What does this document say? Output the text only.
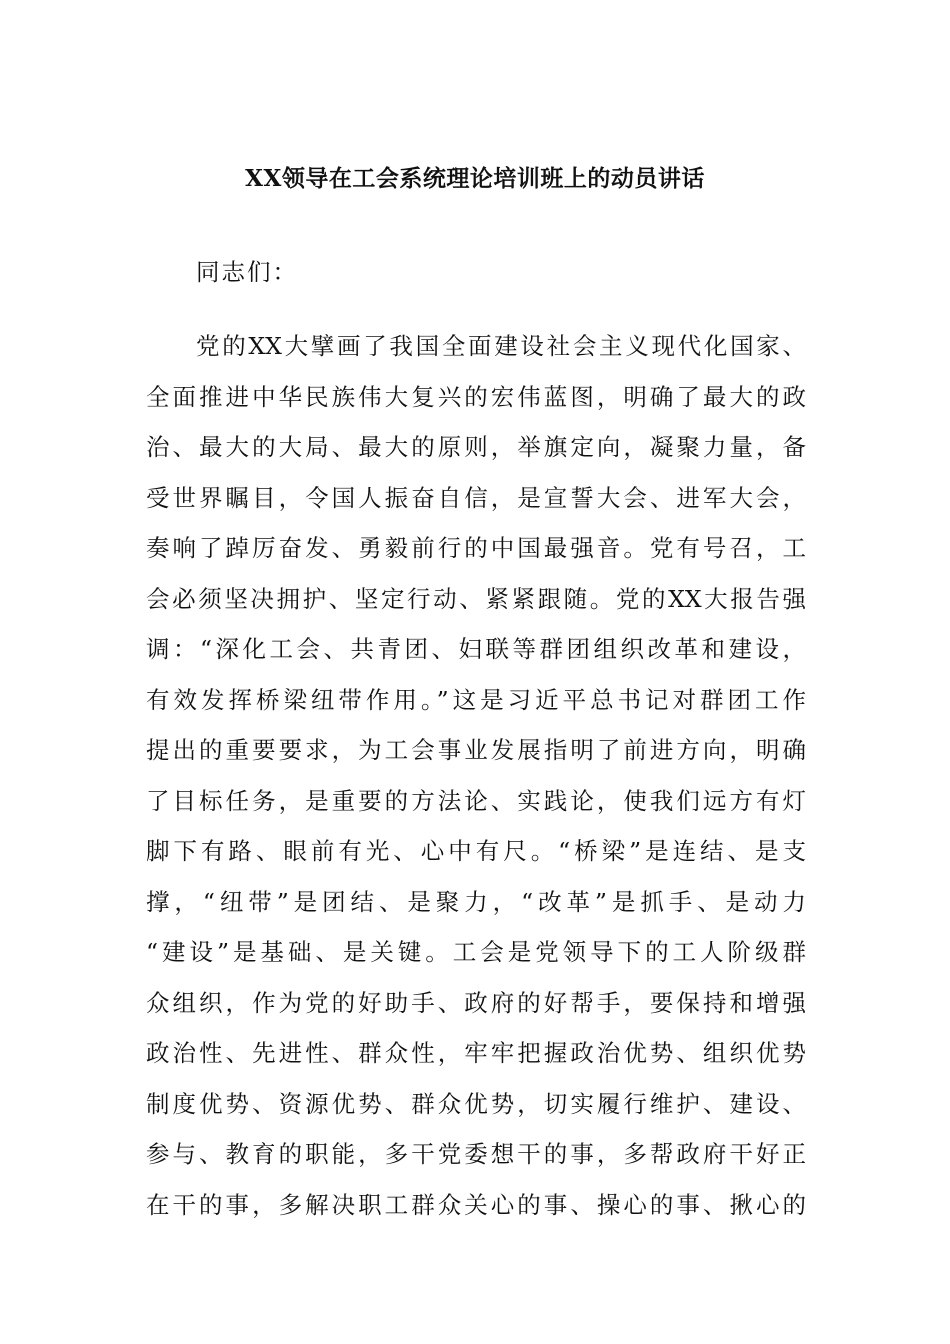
XX领导在工会系统理论培训班上的动员讲话
同志们：
党的XX大擘画了我国全面建设社会主义现代化国家、
全面推进中华民族伟大复兴的宏伟蓝图，明确了最大的政
治、最大的大局、最大的原则，举旗定向，凝聚力量，备
受世界瞩目，令国人振奋自信，是宣誓大会、进军大会，
奏响了踔厉奋发、勇毅前行的中国最强音。党有号召，工
会必须坚决拥护、坚定行动、紧紧跟随。党的XX大报告强
调：“深化工会、共青团、妇联等群团组织改革和建设，
有效发挥桥梁纽带作用。”这是习近平总书记对群团工作
提出的重要要求，为工会事业发展指明了前进方向，明确
了目标任务，是重要的方法论、实践论，使我们远方有灯
脚下有路、眼前有光、心中有尺。“桥梁”是连结、是支
撑，“纽带”是团结、是聚力，“改革”是抓手、是动力
“建设”是基础、是关键。工会是党领导下的工人阶级群
众组织，作为党的好助手、政府的好帮手，要保持和增强
政治性、先进性、群众性，牢牢把握政治优势、组织优势
制度优势、资源优势、群众优势，切实履行维护、建设、
参与、教育的职能，多干党委想干的事，多帮政府干好正
在干的事，多解决职工群众关心的事、操心的事、揪心的
